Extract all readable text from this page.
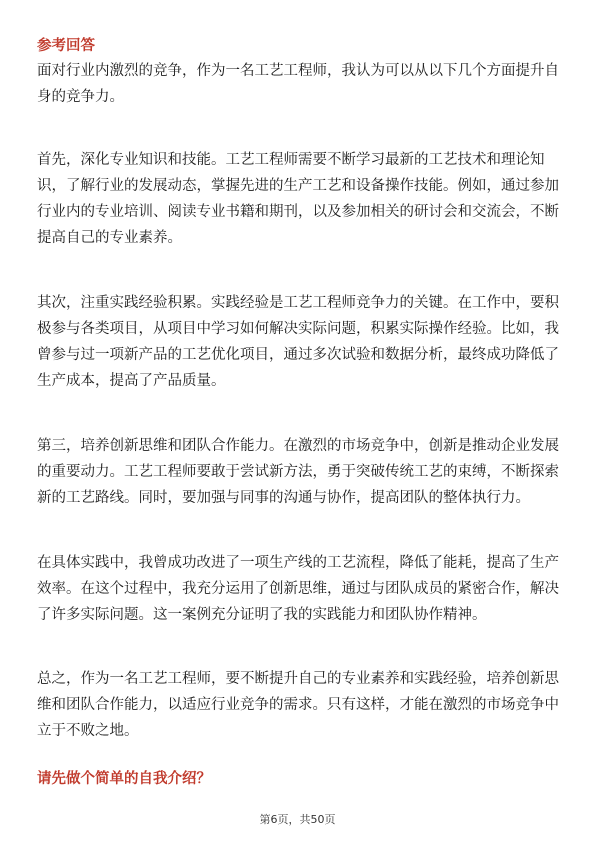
参考回答
面对行业内激烈的竞争，作为一名工艺工程师，我认为可以从以下几个方面提升自
身的竞争力。
首先，深化专业知识和技能。工艺工程师需要不断学习最新的工艺技术和理论知
识，了解行业的发展动态，掌握先进的生产工艺和设备操作技能。例如，通过参加
行业内的专业培训、阅读专业书籍和期刊，以及参加相关的研讨会和交流会，不断
提高自己的专业素养。
其次，注重实践经验积累。实践经验是工艺工程师竞争力的关键。在工作中，要积
极参与各类项目，从项目中学习如何解决实际问题，积累实际操作经验。比如，我
曾参与过一项新产品的工艺优化项目，通过多次试验和数据分析，最终成功降低了
生产成本，提高了产品质量。
第三，培养创新思维和团队合作能力。在激烈的市场竞争中，创新是推动企业发展
的重要动力。工艺工程师要敢于尝试新方法，勇于突破传统工艺的束缚，不断探索
新的工艺路线。同时，要加强与同事的沟通与协作，提高团队的整体执行力。
在具体实践中，我曾成功改进了一项生产线的工艺流程，降低了能耗，提高了生产
效率。在这个过程中，我充分运用了创新思维，通过与团队成员的紧密合作，解决
了许多实际问题。这一案例充分证明了我的实践能力和团队协作精神。
总之，作为一名工艺工程师，要不断提升自己的专业素养和实践经验，培养创新思
维和团队合作能力，以适应行业竞争的需求。只有这样，才能在激烈的市场竞争中
立于不败之地。
请先做个简单的自我介绍？
第6页，共50页
